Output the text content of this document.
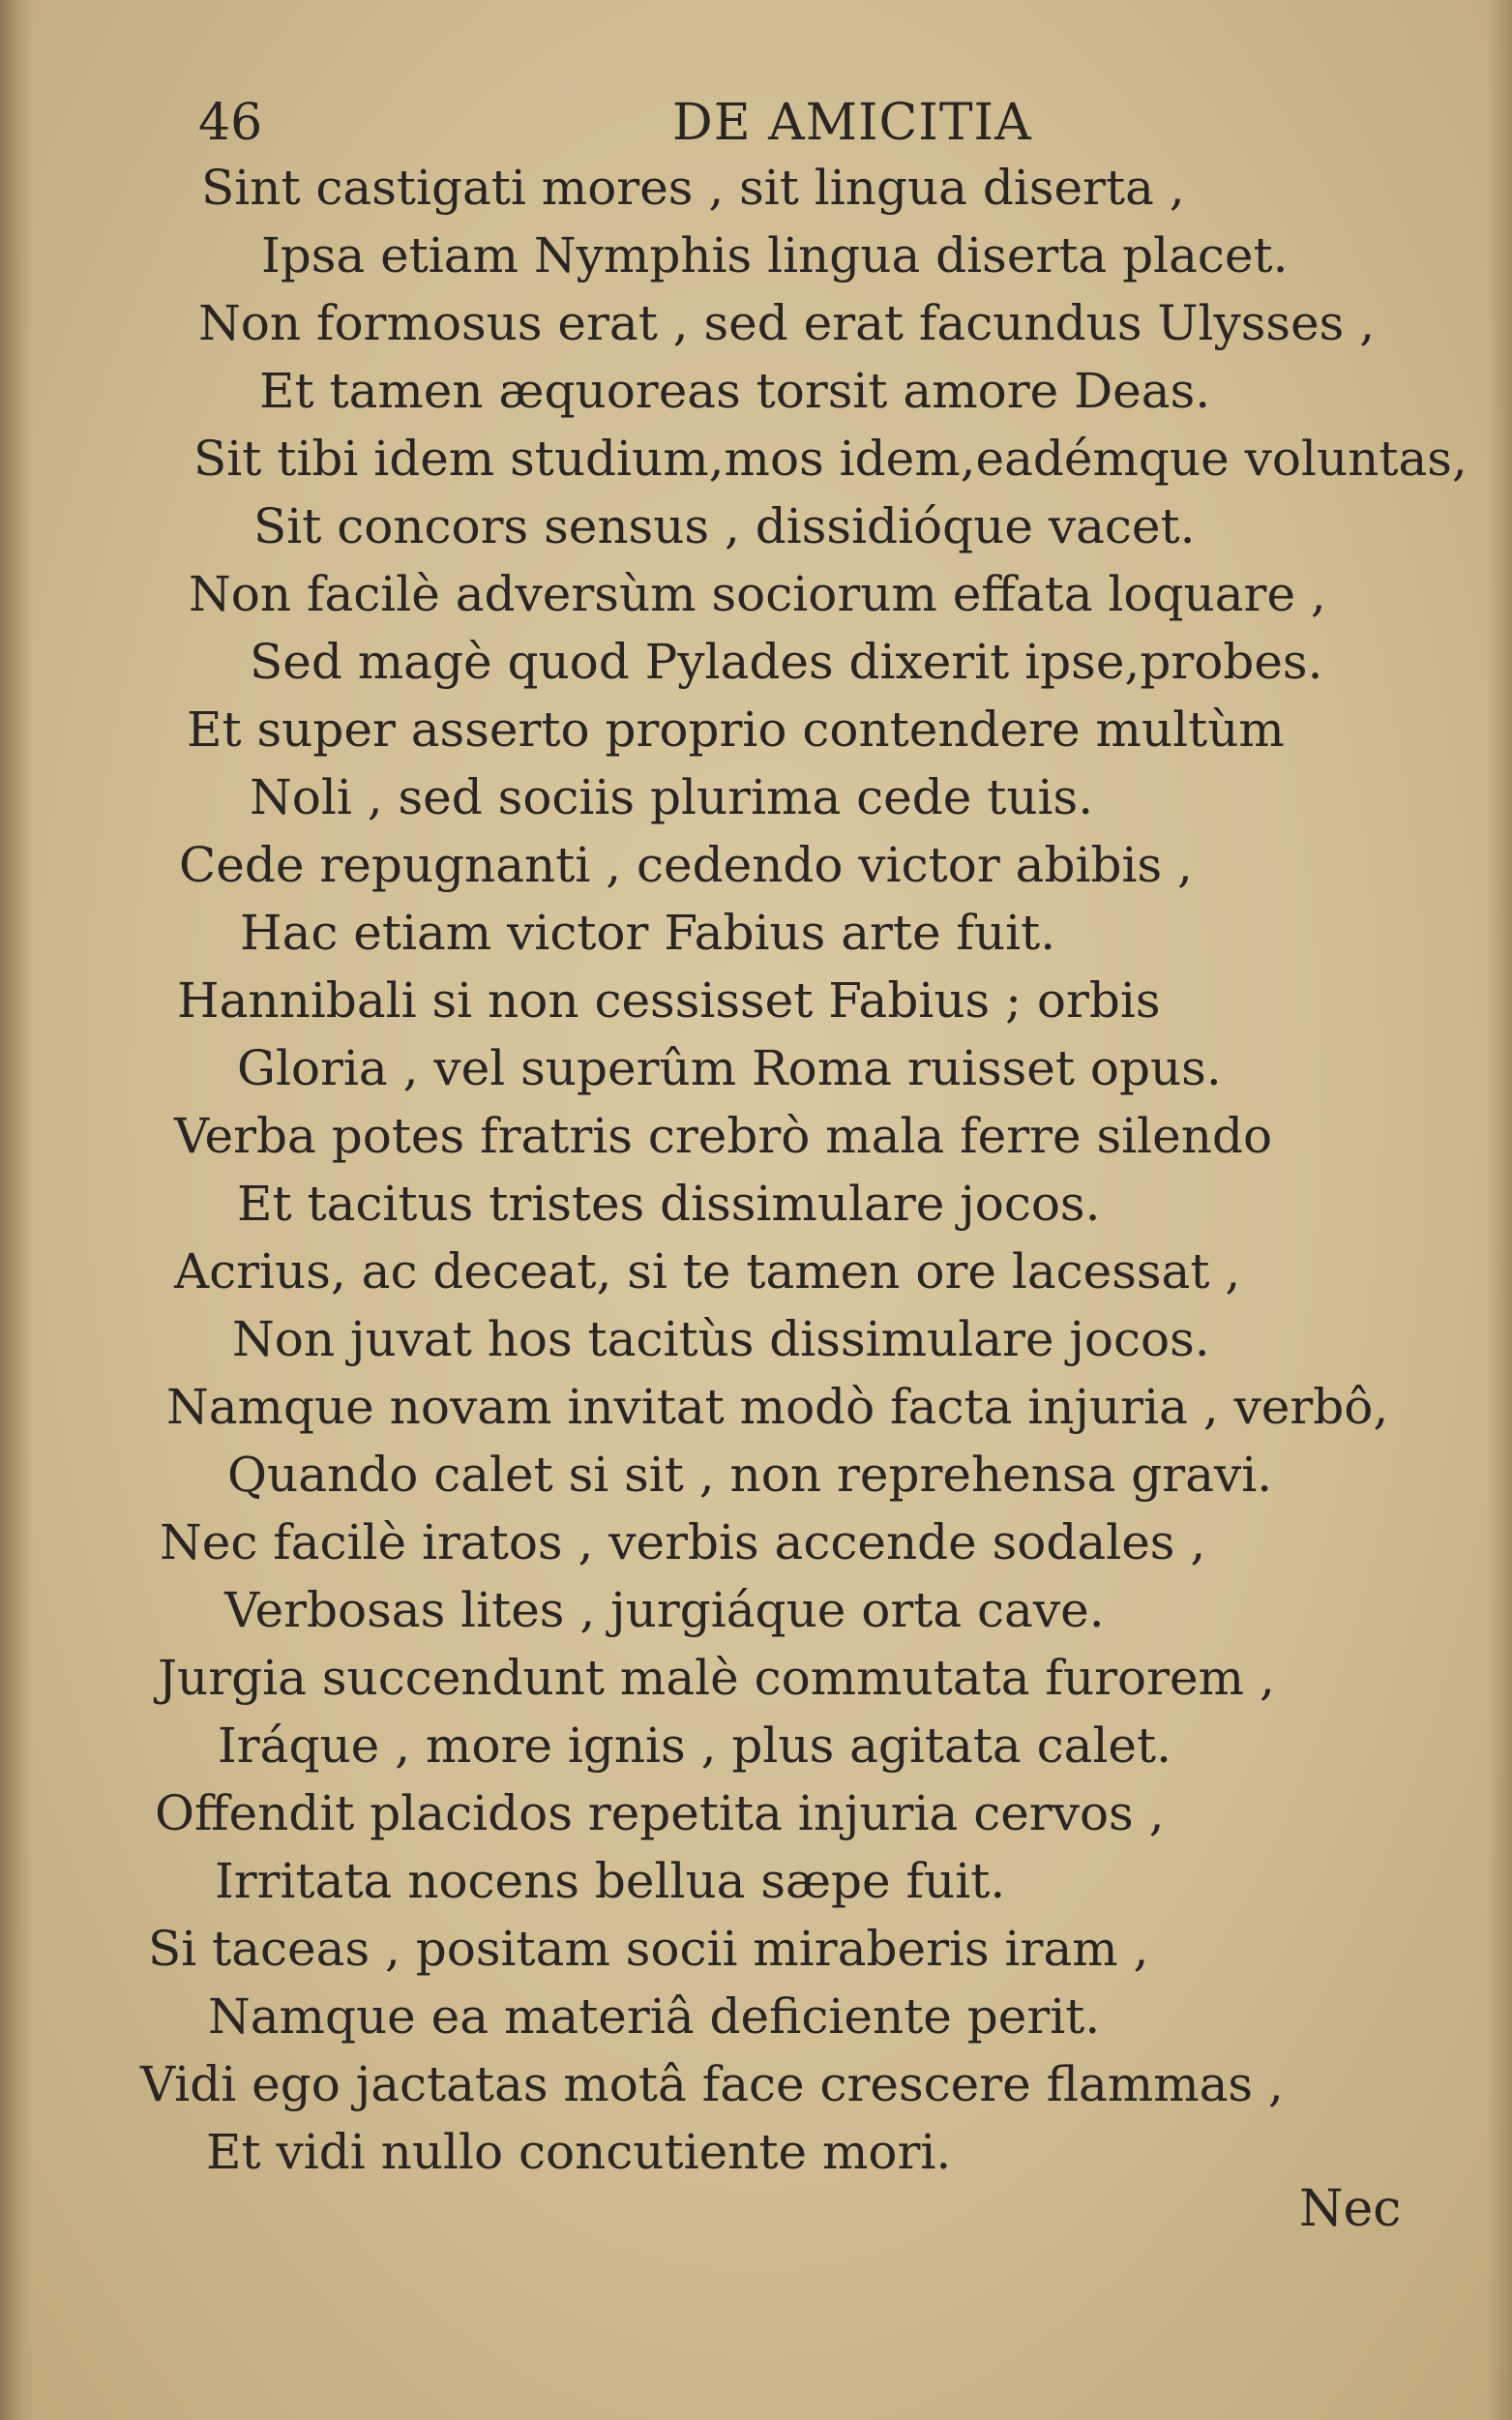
46	DE AMICITIA
Sint castigati mores , sit lingua diserta ,
Ipsa etiam Nymphis lingua diserta placet.
Non formosus erat , sed erat facundus Ulysses ,
Et tamen æquoreas torsit amore Deas.
Sit tibi idem studium,mos idem,eadémque voluntas,
Sit concors sensus , dissidióque vacet.
Non facilè adversùm sociorum effata loquare ,
Sed magè quod Pylades dixerit ipse,probes.
Et super asserto proprio contendere multùm
Noli , sed sociis plurima cede tuis.
Cede repugnanti , cedendo victor abibis ,
Hac etiam victor Fabius arte fuit.
Hannibali si non cessisset Fabius ; orbis
Gloria , vel superûm Roma ruisset opus.
Verba potes fratris crebrò mala ferre silendo
Et tacitus tristes dissimulare jocos.
Acrius, ac deceat, si te tamen ore lacessat ,
Non juvat hos tacitùs dissimulare jocos.
Namque novam invitat modò facta injuria , verbô,
Quando calet si sit , non reprehensa gravi.
Nec facilè iratos , verbis accende sodales ,
Verbosas lites , jurgiáque orta cave.
Jurgia succendunt malè commutata furorem ,
Iráque , more ignis , plus agitata calet.
Offendit placidos repetita injuria cervos ,
Irritata nocens bellua sæpe fuit.
Si taceas , positam socii miraberis iram ,
Namque ea materiâ deficiente perit.
Vidi ego jactatas motâ face crescere flammas ,
Et vidi nullo concutiente mori.
Nec
